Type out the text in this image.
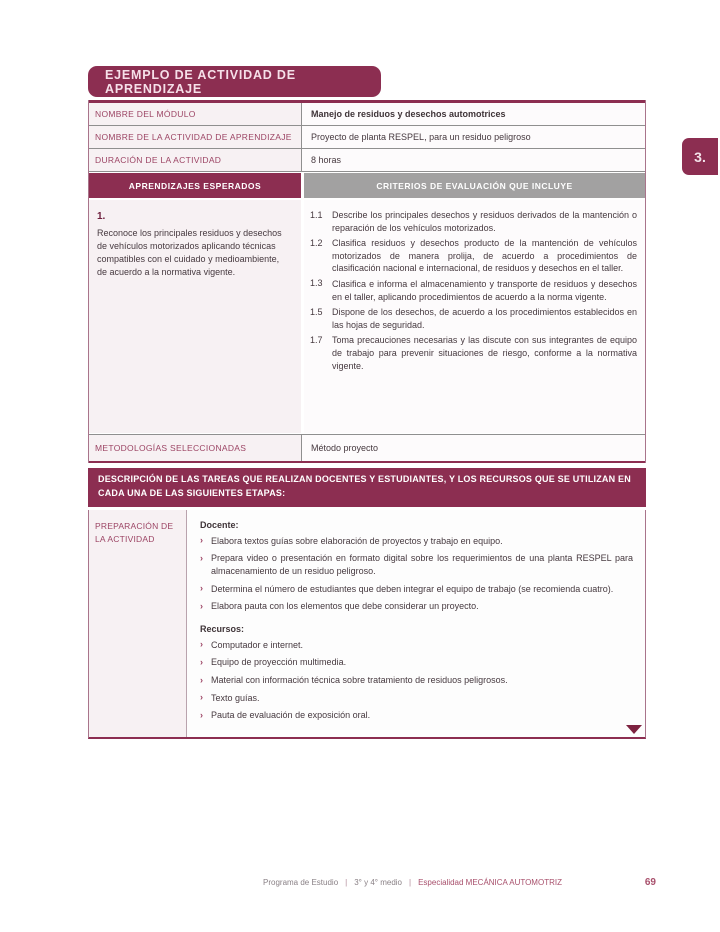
3.
EJEMPLO DE ACTIVIDAD DE APRENDIZAJE
NOMBRE DEL MÓDULO	Manejo de residuos y desechos automotrices
NOMBRE DE LA ACTIVIDAD DE APRENDIZAJE	Proyecto de planta RESPEL, para un residuo peligroso
DURACIÓN DE LA ACTIVIDAD	8 horas
APRENDIZAJES ESPERADOS	CRITERIOS DE EVALUACIÓN QUE INCLUYE
1.
Reconoce los principales residuos y desechos de vehículos motorizados aplicando técnicas compatibles con el cuidado y medioambiente, de acuerdo a la normativa vigente.
1.1	Describe los principales desechos y residuos derivados de la mantención o reparación de los vehículos motorizados.
1.2	Clasifica residuos y desechos producto de la mantención de vehículos motorizados de manera prolija, de acuerdo a procedimientos de clasificación nacional e internacional, de residuos y desechos en el taller.
1.3	Clasifica e informa el almacenamiento y transporte de residuos y desechos en el taller, aplicando procedimientos de acuerdo a la norma vigente.
1.5	Dispone de los desechos, de acuerdo a los procedimientos establecidos en las hojas de seguridad.
1.7	Toma precauciones necesarias y las discute con sus integrantes de equipo de trabajo para prevenir situaciones de riesgo, conforme a la normativa vigente.
METODOLOGÍAS SELECCIONADAS	Método proyecto
DESCRIPCIÓN DE LAS TAREAS QUE REALIZAN DOCENTES Y ESTUDIANTES, Y LOS RECURSOS QUE SE UTILIZAN EN CADA UNA DE LAS SIGUIENTES ETAPAS:
PREPARACIÓN DE LA ACTIVIDAD
Docente:
› Elabora textos guías sobre elaboración de proyectos y trabajo en equipo.
› Prepara video o presentación en formato digital sobre los requerimientos de una planta RESPEL para almacenamiento de un residuo peligroso.
› Determina el número de estudiantes que deben integrar el equipo de trabajo (se recomienda cuatro).
› Elabora pauta con los elementos que debe considerar un proyecto.
Recursos:
› Computador e internet.
› Equipo de proyección multimedia.
› Material con información técnica sobre tratamiento de residuos peligrosos.
› Texto guías.
› Pauta de evaluación de exposición oral.
Programa de Estudio | 3° y 4° medio | Especialidad MECÁNICA AUTOMOTRIZ	69
